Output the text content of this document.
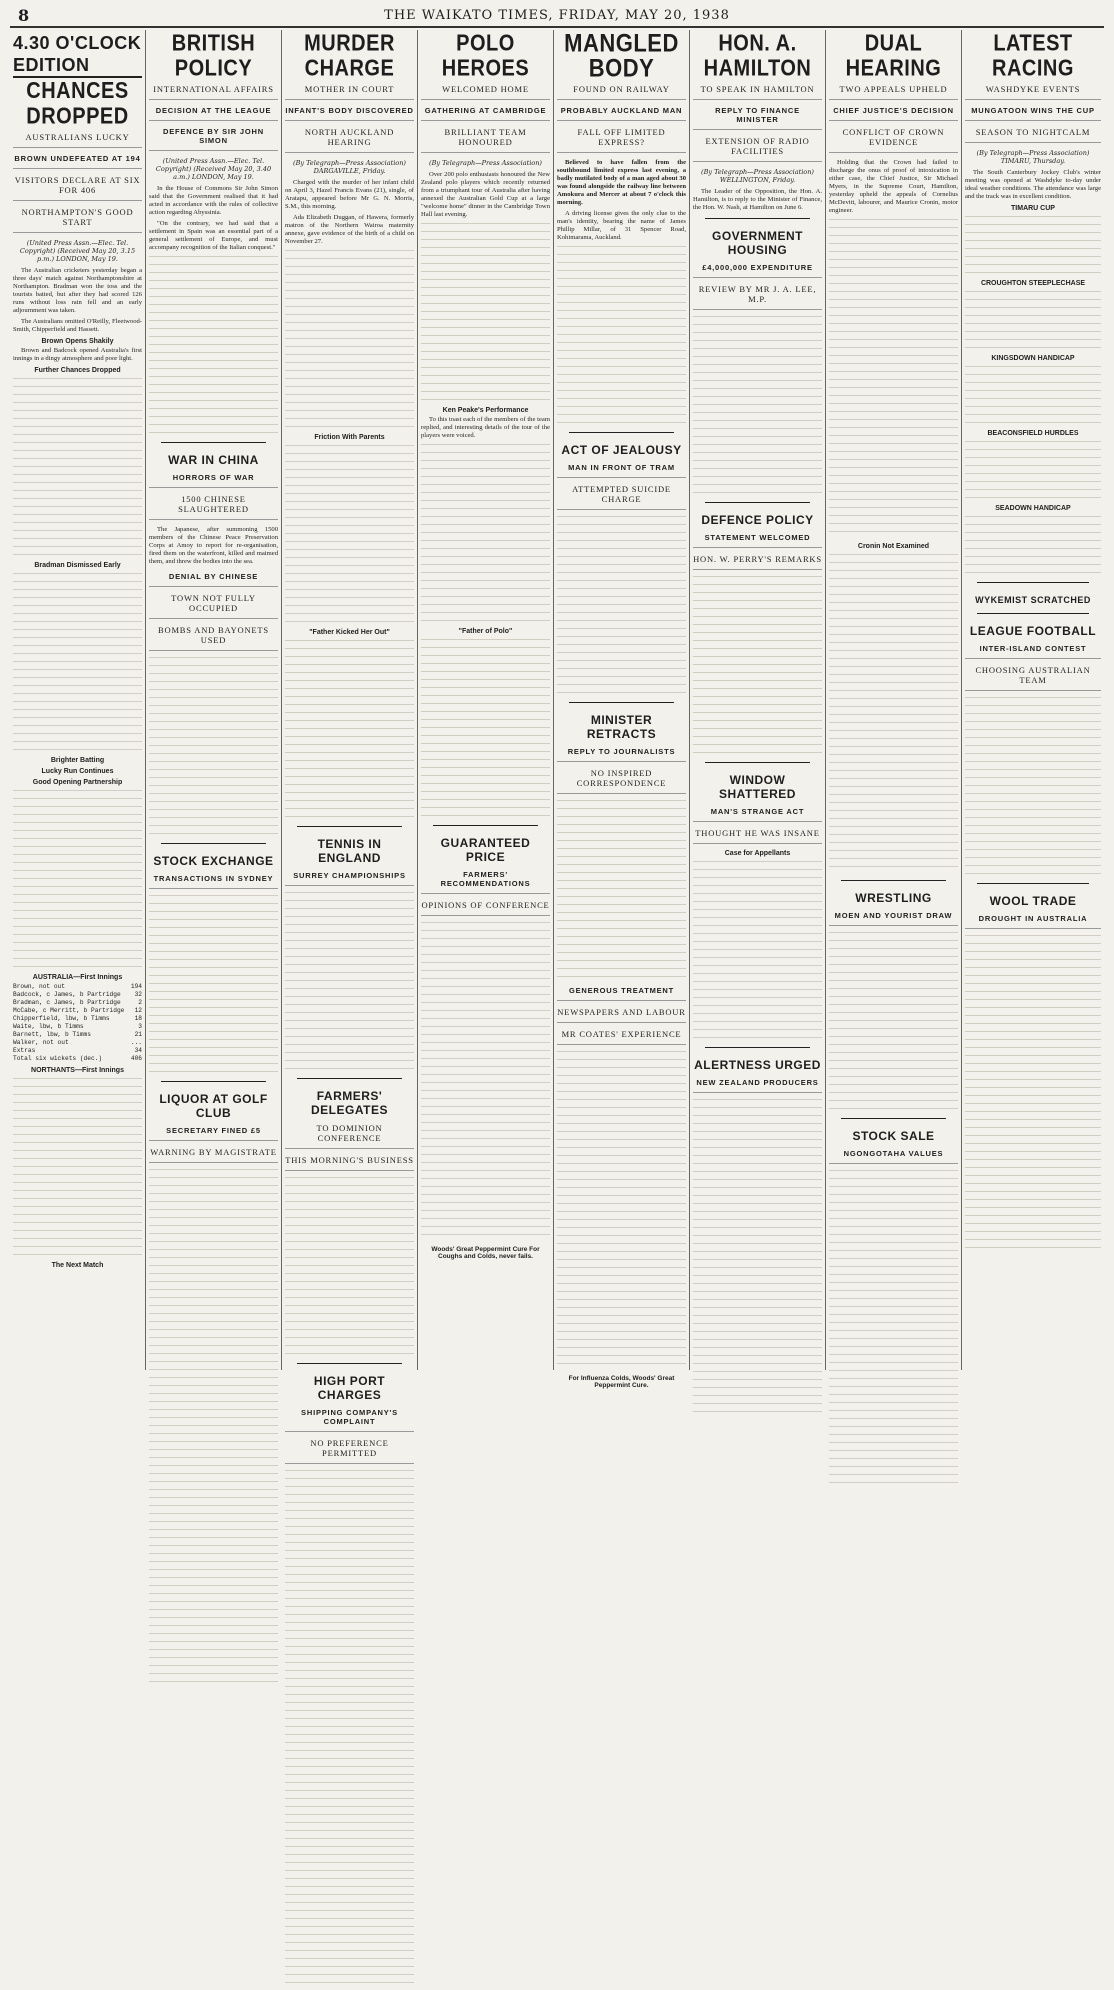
8	THE WAIKATO TIMES, FRIDAY, MAY 20, 1938
4.30 O'CLOCK EDITION
CHANCES DROPPED
AUSTRALIANS LUCKY
BROWN UNDEFEATED AT 194
VISITORS DECLARE AT SIX FOR 406
NORTHAMPTON'S GOOD START
(United Press Assn.—Elec. Tel. Copyright) (Received May 20, 3.15 p.m.) LONDON, May 19.

The Australian cricketers yesterday began a three days' match against Northamptonshire at Northampton. Bradman won the toss and the tourists batted, but after they had scored 126 runs without loss rain fell and an early adjournment was taken.

The Australians omitted O'Reilly, Fleetwood-Smith, Chipperfield and Hassett.

Brown Opens Shakily

Brown and Badcock opened Australia's first innings in a dingy atmosphere and poor light.

Further Chances Dropped
Bradman Dismissed Early
Brighter Batting
Lucky Run Continues
Good Opening Partnership
AUSTRALIA—First Innings
Brown, not out	194
Badcock, c James, b Partridge	32
Bradman, c James, b Partridge	2
McCabe, c Merritt, b Partridge	12
Chipperfield, lbw, b Timms	18
Waite, lbw, b Timms	3
Barnett, lbw, b Timms	21
Walker, not out	...
Extras	34
Total six wickets (dec.)	406
NORTHANTS—First Innings
The Next Match
BRITISH POLICY
INTERNATIONAL AFFAIRS
DECISION AT THE LEAGUE
DEFENCE BY SIR JOHN SIMON
(United Press Assn.—Elec. Tel. Copyright) (Received May 20, 3.40 a.m.) LONDON, May 19.

In the House of Commons Sir John Simon said that the Government realised that it had acted in accordance with the rules of collective action regarding Abyssinia.

"On the contrary, we had said that a settlement in Spain was an essential part of a general settlement of Europe, and must accompany recognition of the Italian conquest."

WAR IN CHINA
HORRORS OF WAR
1500 CHINESE SLAUGHTERED

The Japanese, after summoning 1500 members of the Chinese Peace Preservation Corps at Amoy to report for re-organisation, fired them on the waterfront, killed and maimed them, and threw the bodies into the sea.

DENIAL BY CHINESE
TOWN NOT FULLY OCCUPIED
BOMBS AND BAYONETS USED
STOCK EXCHANGE
TRANSACTIONS IN SYDNEY
LIQUOR AT GOLF CLUB
SECRETARY FINED £5
WARNING BY MAGISTRATE
MURDER CHARGE
MOTHER IN COURT
INFANT'S BODY DISCOVERED
NORTH AUCKLAND HEARING
(By Telegraph—Press Association) DARGAVILLE, Friday.

Charged with the murder of her infant child on April 3, Hazel Francis Evans (21), single, of Aratapu, appeared before Mr G. N. Morris, S.M., this morning.

Ada Elizabeth Duggan, of Hawera, formerly matron of the Northern Wairoa maternity annexe, gave evidence of the birth of a child on November 27.

Friction With Parents
"Father Kicked Her Out"
TENNIS IN ENGLAND
SURREY CHAMPIONSHIPS
FARMERS' DELEGATES
TO DOMINION CONFERENCE
THIS MORNING'S BUSINESS
HIGH PORT CHARGES
SHIPPING COMPANY'S COMPLAINT
NO PREFERENCE PERMITTED
POLO HEROES
WELCOMED HOME
GATHERING AT CAMBRIDGE
BRILLIANT TEAM HONOURED
(By Telegraph—Press Association)

Over 200 polo enthusiasts honoured the New Zealand polo players which recently returned from a triumphant tour of Australia after having annexed the Australian Gold Cup at a large "welcome home" dinner in the Cambridge Town Hall last evening.

Ken Peake's Performance

To this toast each of the members of the team replied, and interesting details of the tour of the players were voiced.

"Father of Polo"
GUARANTEED PRICE
FARMERS' RECOMMENDATIONS
OPINIONS OF CONFERENCE
Woods' Great Peppermint Cure For Coughs and Colds, never fails.
MANGLED BODY
FOUND ON RAILWAY
PROBABLY AUCKLAND MAN
FALL OFF LIMITED EXPRESS?

Believed to have fallen from the southbound limited express last evening, a badly mutilated body of a man aged about 30 was found alongside the railway line between Amokura and Mercer at about 7 o'clock this morning.

A driving license gives the only clue to the man's identity, bearing the name of James Phillip Millar, of 31 Spencer Road, Kohimarama, Auckland.

ACT OF JEALOUSY
MAN IN FRONT OF TRAM
ATTEMPTED SUICIDE CHARGE
MINISTER RETRACTS
REPLY TO JOURNALISTS
NO INSPIRED CORRESPONDENCE
GENEROUS TREATMENT
NEWSPAPERS AND LABOUR
MR COATES' EXPERIENCE
For Influenza Colds, Woods' Great Peppermint Cure.
HON. A. HAMILTON
TO SPEAK IN HAMILTON
REPLY TO FINANCE MINISTER
EXTENSION OF RADIO FACILITIES
(By Telegraph—Press Association) WELLINGTON, Friday.

The Leader of the Opposition, the Hon. A. Hamilton, is to reply to the Minister of Finance, the Hon. W. Nash, at Hamilton on June 6.

GOVERNMENT HOUSING
£4,000,000 EXPENDITURE
REVIEW BY MR J. A. LEE, M.P.
DEFENCE POLICY
STATEMENT WELCOMED
HON. W. PERRY'S REMARKS
WINDOW SHATTERED
MAN'S STRANGE ACT
THOUGHT HE WAS INSANE
Case for Appellants
ALERTNESS URGED
NEW ZEALAND PRODUCERS
DUAL HEARING
TWO APPEALS UPHELD
CHIEF JUSTICE'S DECISION
CONFLICT OF CROWN EVIDENCE

Holding that the Crown had failed to discharge the onus of proof of intoxication in either case, the Chief Justice, Sir Michael Myers, in the Supreme Court, Hamilton, yesterday upheld the appeals of Cornelius McDevitt, labourer, and Maurice Cronin, motor engineer.

Cronin Not Examined
WRESTLING
MOEN AND YOURIST DRAW
STOCK SALE
NGONGOTAHA VALUES
LATEST RACING
WASHDYKE EVENTS
MUNGATOON WINS THE CUP
SEASON TO NIGHTCALM
(By Telegraph—Press Association) TIMARU, Thursday.

The South Canterbury Jockey Club's winter meeting was opened at Washdyke to-day under ideal weather conditions. The attendance was large and the track was in excellent condition.

TIMARU CUP
CROUGHTON STEEPLECHASE
KINGSDOWN HANDICAP
BEACONSFIELD HURDLES
SEADOWN HANDICAP
WYKEMIST SCRATCHED
LEAGUE FOOTBALL
INTER-ISLAND CONTEST
CHOOSING AUSTRALIAN TEAM
WOOL TRADE
DROUGHT IN AUSTRALIA
